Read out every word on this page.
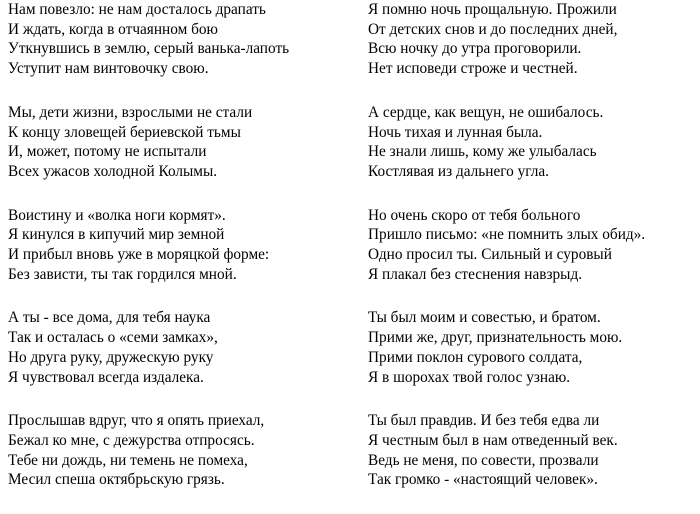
Нам повезло: не нам досталось драпать
И ждать, когда в отчаянном бою
Уткнувшись в землю, серый ванька-лапоть
Уступит нам винтовочку свою.
Мы, дети жизни, взрослыми не стали
К концу зловещей бериевской тьмы
И, может, потому не испытали
Всех ужасов холодной Колымы.
Воистину и «волка ноги кормят».
Я кинулся в кипучий мир земной
И прибыл вновь уже в моряцкой форме:
Без зависти, ты так гордился мной.
А ты - все дома, для тебя наука
Так и осталась о «семи замках»,
Но друга руку, дружескую руку
Я чувствовал всегда издалека.
Прослышав вдруг, что я опять приехал,
Бежал ко мне, с дежурства отпросясь.
Тебе ни дождь, ни темень не помеха,
Месил спеша октябрьскую грязь.
Я помню ночь прощальную. Прожили
От детских снов и до последних дней,
Всю ночку до утра проговорили.
Нет исповеди строже и честней.
А сердце, как вещун, не ошибалось.
Ночь тихая и лунная была.
Не знали лишь, кому же улыбалась
Костлявая из дальнего угла.
Но очень скоро от тебя больного
Пришло письмо: «не помнить злых обид».
Одно просил ты. Сильный и суровый
Я плакал без стеснения навзрыд.
Ты был моим и совестью, и братом.
Прими же, друг, признательность мою.
Прими поклон сурового солдата,
Я в шорохах твой голос узнаю.
Ты был правдив. И без тебя едва ли
Я честным был в нам отведенный век.
Ведь не меня, по совести, прозвали
Так громко - «настоящий человек».
